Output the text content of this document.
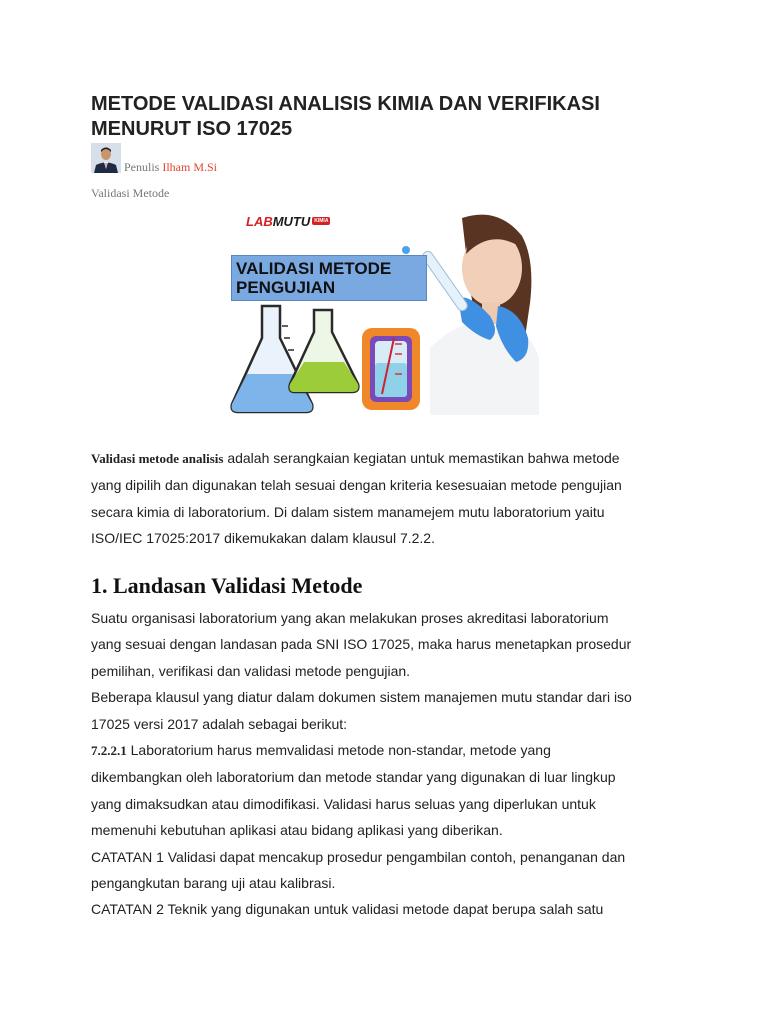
METODE VALIDASI ANALISIS KIMIA DAN VERIFIKASI
MENURUT ISO 17025
Penulis Ilham M.Si
Validasi Metode
LAB MUTU KIMIA
VALIDASI METODE
PENGUJIAN
Validasi metode analisis adalah serangkaian kegiatan untuk memastikan bahwa metode
yang dipilih dan digunakan telah sesuai dengan kriteria kesesuaian metode pengujian
secara kimia di laboratorium. Di dalam sistem manamejem mutu laboratorium yaitu
ISO/IEC 17025:2017 dikemukakan dalam klausul 7.2.2.
1. Landasan Validasi Metode
Suatu organisasi laboratorium yang akan melakukan proses akreditasi laboratorium
yang sesuai dengan landasan pada SNI ISO 17025, maka harus menetapkan prosedur
pemilihan, verifikasi dan validasi metode pengujian.
Beberapa klausul yang diatur dalam dokumen sistem manajemen mutu standar dari iso
17025 versi 2017 adalah sebagai berikut:
7.2.2.1 Laboratorium harus memvalidasi metode non-standar, metode yang
dikembangkan oleh laboratorium dan metode standar yang digunakan di luar lingkup
yang dimaksudkan atau dimodifikasi. Validasi harus seluas yang diperlukan untuk
memenuhi kebutuhan aplikasi atau bidang aplikasi yang diberikan.
CATATAN 1 Validasi dapat mencakup prosedur pengambilan contoh, penanganan dan
pengangkutan barang uji atau kalibrasi.
CATATAN 2 Teknik yang digunakan untuk validasi metode dapat berupa salah satu
